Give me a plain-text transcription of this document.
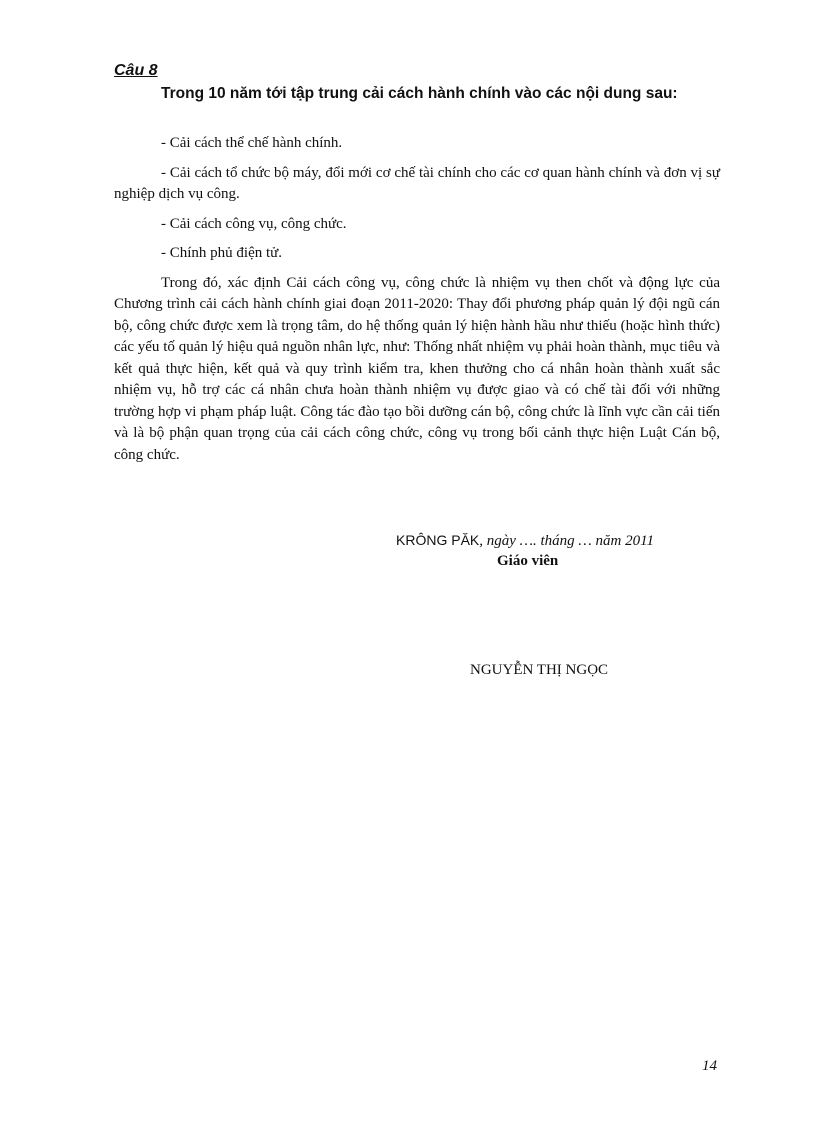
Câu 8

Trong 10 năm tới tập trung cải cách hành chính vào các nội dung sau:

- Cải cách thể chế hành chính.

- Cải cách tổ chức bộ máy, đổi mới cơ chế tài chính cho các cơ quan hành chính và đơn vị sự nghiệp dịch vụ công.

- Cải cách công vụ, công chức.

- Chính phủ điện tử.

Trong đó, xác định Cải cách công vụ, công chức là nhiệm vụ then chốt và động lực của Chương trình cải cách hành chính giai đoạn 2011-2020: Thay đổi phương pháp quản lý đội ngũ cán bộ, công chức được xem là trọng tâm, do hệ thống quản lý hiện hành hầu như thiếu (hoặc hình thức) các yếu tố quản lý hiệu quả nguồn nhân lực, như: Thống nhất nhiệm vụ phải hoàn thành, mục tiêu và kết quả thực hiện, kết quả và quy trình kiểm tra, khen thưởng cho cá nhân hoàn thành xuất sắc nhiệm vụ, hỗ trợ các cá nhân chưa hoàn thành nhiệm vụ được giao và có chế tài đối với những trường hợp vi phạm pháp luật. Công tác đào tạo bồi dưỡng cán bộ, công chức là lĩnh vực cần cải tiến và là bộ phận quan trọng của cải cách công chức, công vụ trong bối cảnh thực hiện Luật Cán bộ, công chức.

KRÔNG PĂK, ngày …. tháng … năm 2011
Giáo viên
NGUYỄN THỊ NGỌC
14
